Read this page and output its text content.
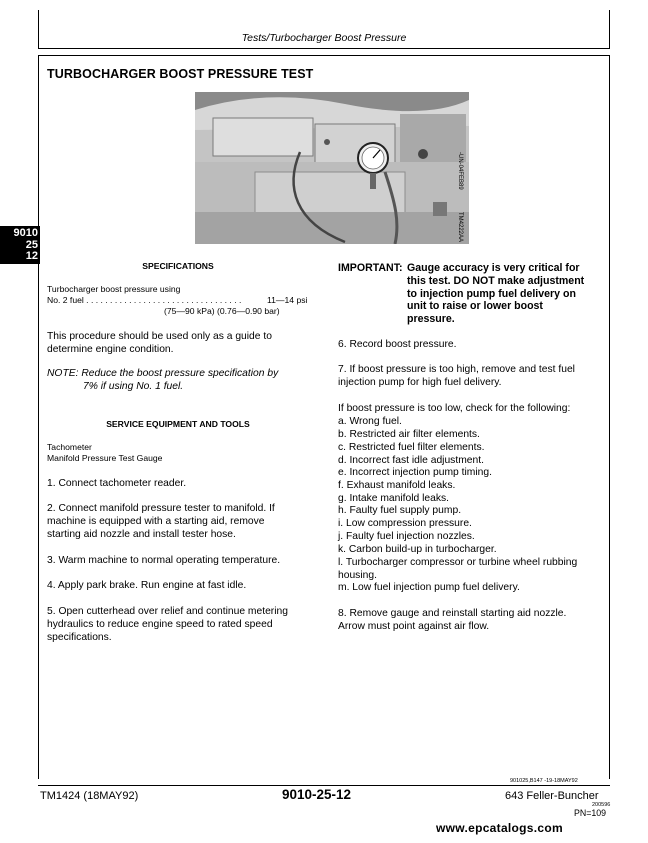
Tests/Turbocharger Boost Pressure
TURBOCHARGER BOOST PRESSURE TEST
9010
25
12
-UN-04FEB89
TM4222AA
SPECIFICATIONS
Turbocharger boost pressure using
No. 2 fuel . . . . . . . . . . . . . . . . . . . . . . . . . . . . . . . . .	11—14 psi
(75—90 kPa) (0.76—0.90 bar)
This procedure should be used only as a guide to
determine engine condition.
NOTE: Reduce the boost pressure specification by
7% if using No. 1 fuel.
SERVICE EQUIPMENT AND TOOLS
Tachometer
Manifold Pressure Test Gauge
1. Connect tachometer reader.
2. Connect manifold pressure tester to manifold. If
machine is equipped with a starting aid, remove
starting aid nozzle and install tester hose.
3. Warm machine to normal operating temperature.
4. Apply park brake. Run engine at fast idle.
5. Open cutterhead over relief and continue metering
hydraulics to reduce engine speed to rated speed
specifications.
IMPORTANT: Gauge accuracy is very critical for
this test. DO NOT make adjustment
to injection pump fuel delivery on
unit to raise or lower boost
pressure.
6. Record boost pressure.
7. If boost pressure is too high, remove and test fuel
injection pump for high fuel delivery.
If boost pressure is too low, check for the following:
a. Wrong fuel.
b. Restricted air filter elements.
c. Restricted fuel filter elements.
d. Incorrect fast idle adjustment.
e. Incorrect injection pump timing.
f. Exhaust manifold leaks.
g. Intake manifold leaks.
h. Faulty fuel supply pump.
i. Low compression pressure.
j. Faulty fuel injection nozzles.
k. Carbon build-up in turbocharger.
l. Turbocharger compressor or turbine wheel rubbing
housing.
m. Low fuel injection pump fuel delivery.
8. Remove gauge and reinstall starting aid nozzle.
Arrow must point against air flow.
901025,B147 -19-18MAY92
TM1424 (18MAY92)	9010-25-12	643 Feller-Buncher
200596
PN=109
www.epcatalogs.com
